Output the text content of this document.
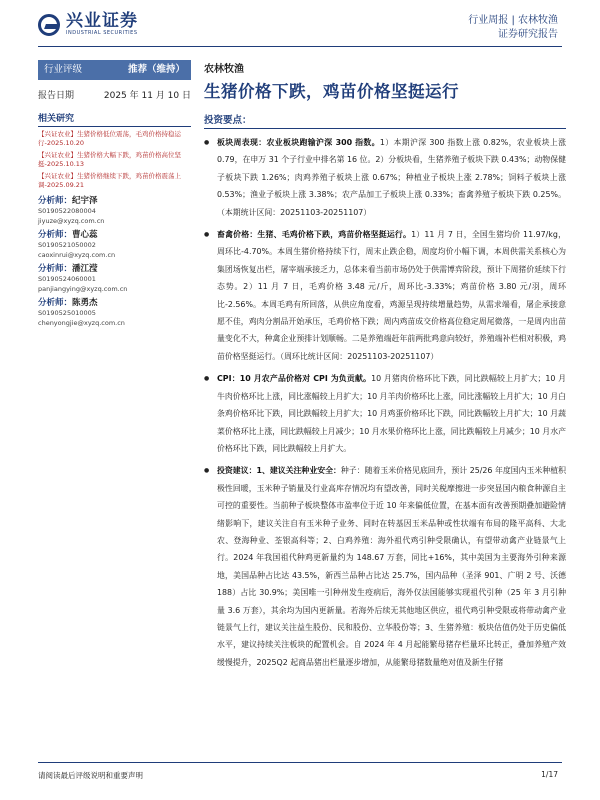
兴业证券
INDUSTRIAL SECURITIES
行业周报 | 农林牧渔
证券研究报告
行业评级	推荐（维持）
报告日期	2025 年 11 月 10 日
相关研究
【兴证农业】生猪价格低位震荡，毛鸡价格持稳运行-2025.10.20
【兴证农业】生猪价格大幅下跌，鸡苗价格高位坚挺-2025.10.13
【兴证农业】生猪价格继续下跌，鸡苗价格震荡上调-2025.09.21
分析师：纪宇泽
S0190522080004
jiyuze@xyzq.com.cn
分析师：曹心蕊
S0190521050002
caoxinrui@xyzq.com.cn
分析师：潘江滢
S0190524060001
panjiangying@xyzq.com.cn
分析师：陈勇杰
S0190525010005
chenyongjie@xyzq.com.cn
农林牧渔
生猪价格下跌，鸡苗价格坚挺运行
投资要点：
● 板块周表现：农业板块跑输沪深 300 指数。1）本期沪深 300 指数上涨 0.82%，农业板块上涨 0.79，在申万 31 个子行业中排名第 16 位。2）分板块看，生猪养殖子板块下跌 0.43%；动物保健子板块下跌 1.26%；肉鸡养殖子板块上涨 0.67%；种植业子板块上涨 2.78%；饲料子板块上涨 0.53%；渔业子板块上涨 3.38%；农产品加工子板块上涨 0.33%；畜禽养殖子板块下跌 0.25%。（本期统计区间：20251103-20251107）
● 畜禽价格：生猪、毛鸡价格下跌，鸡苗价格坚挺运行。1）11 月 7 日，全国生猪均价 11.97/kg，周环比-4.70%。本周生猪价格持续下行，周末止跌企稳，周度均价小幅下调，本周供需关系核心为集团场恢复出栏，屠宰端承接乏力，总体来看当前市场仍处于供需博弈阶段，预计下周猪价延续下行态势。2）11 月 7 日，毛鸡价格 3.48 元/斤，周环比-3.33%；鸡苗价格 3.80 元/羽，周环比-2.56%。本周毛鸡有所回落，从供应角度看，鸡源呈现持续增量趋势，从需求端看，屠企承接意愿不佳，鸡肉分割品开始承压，毛鸡价格下跌；周内鸡苗成交价格高位稳定周尾微落，一是周内出苗量变化不大，种禽企业预排计划顺畅。二是养殖端赶年前两批鸡意向较好，养殖端补栏相对积极，鸡苗价格坚挺运行。（周环比统计区间：20251103-20251107）
● CPI：10 月农产品价格对 CPI 为负贡献。10 月猪肉价格环比下跌，同比跌幅较上月扩大；10 月牛肉价格环比上涨，同比涨幅较上月扩大；10 月羊肉价格环比上涨，同比涨幅较上月扩大；10 月白条鸡价格环比下跌，同比跌幅较上月扩大；10 月鸡蛋价格环比下跌，同比跌幅较上月扩大；10 月蔬菜价格环比上涨，同比跌幅较上月减少；10 月水果价格环比上涨，同比跌幅较上月减少；10 月水产价格环比下跌，同比跌幅较上月扩大。
● 投资建议：1、建议关注种业安全：种子：随着玉米价格见底回升，预计 25/26 年度国内玉米种植积极性回暖，玉米种子销量及行业高库存情况均有望改善，同时关税摩擦进一步突显国内粮食种源自主可控的重要性。当前种子板块整体市盈率位于近 10 年来偏低位置，在基本面有改善预期叠加避险情绪影响下，建议关注自有玉米种子业务、同时在转基因玉米品种或性状端有布局的隆平高科、大北农、登海种业、荃银高科等；2、白鸡养殖：海外祖代鸡引种受限确认，有望带动禽产业链景气上行。2024 年我国祖代种鸡更新量约为 148.67 万套，同比+16%，其中美国为主要海外引种来源地，美国品种占比达 43.5%，新西兰品种占比达 25.7%，国内品种（圣泽 901、广明 2 号、沃德 188）占比 30.9%；美国唯一引种州发生疫病后，海外仅法国能够实现祖代引种（25 年 3 月引种量 3.6 万套），其余均为国内更新量。若海外后续无其他地区供应，祖代鸡引种受限或将带动禽产业链景气上行，建议关注益生股份、民和股份、立华股份等；3、生猪养殖：板块估值仍处于历史偏低水平，建议持续关注板块的配置机会。自 2024 年 4 月起能繁母猪存栏量环比转正，叠加养殖产效缓慢提升，2025Q2 起商品猪出栏量逐步增加，从能繁母猪数量绝对值及新生仔猪
请阅读最后评级说明和重要声明	1/17
